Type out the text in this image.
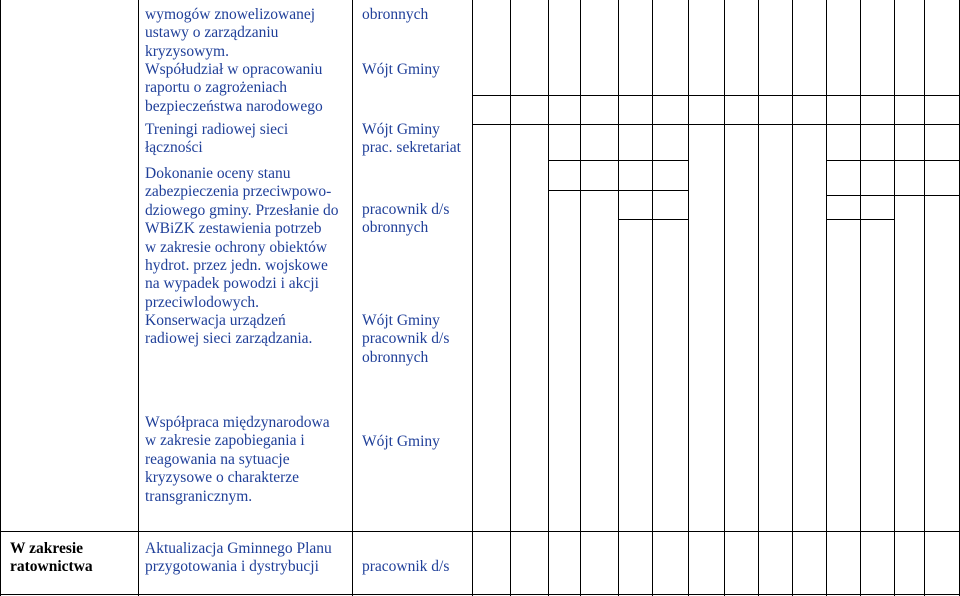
wymogów znowelizowanej
ustawy o zarządzaniu
kryzysowym.
obronnych
Współudział w opracowaniu
raportu o zagrożeniach
bezpieczeństwa narodowego
Wójt Gminy
Treningi radiowej sieci
łączności
Wójt Gminy
prac. sekretariat
Dokonanie oceny stanu
zabezpieczenia przeciwpowo-
dziowego gminy. Przesłanie do
WBiZK zestawienia potrzeb
w zakresie ochrony obiektów
hydrot. przez jedn. wojskowe
na wypadek powodzi i akcji
przeciwlodowych.
pracownik d/s
obronnych
Konserwacja urządzeń
radiowej sieci zarządzania.
Wójt Gminy
pracownik d/s
obronnych
Współpraca międzynarodowa
w zakresie zapobiegania i
reagowania na sytuacje
kryzysowe o charakterze
transgranicznym.
Wójt Gminy
W zakresie
ratownictwa
Aktualizacja Gminnego Planu
przygotowania i dystrybucji	pracownik d/s
